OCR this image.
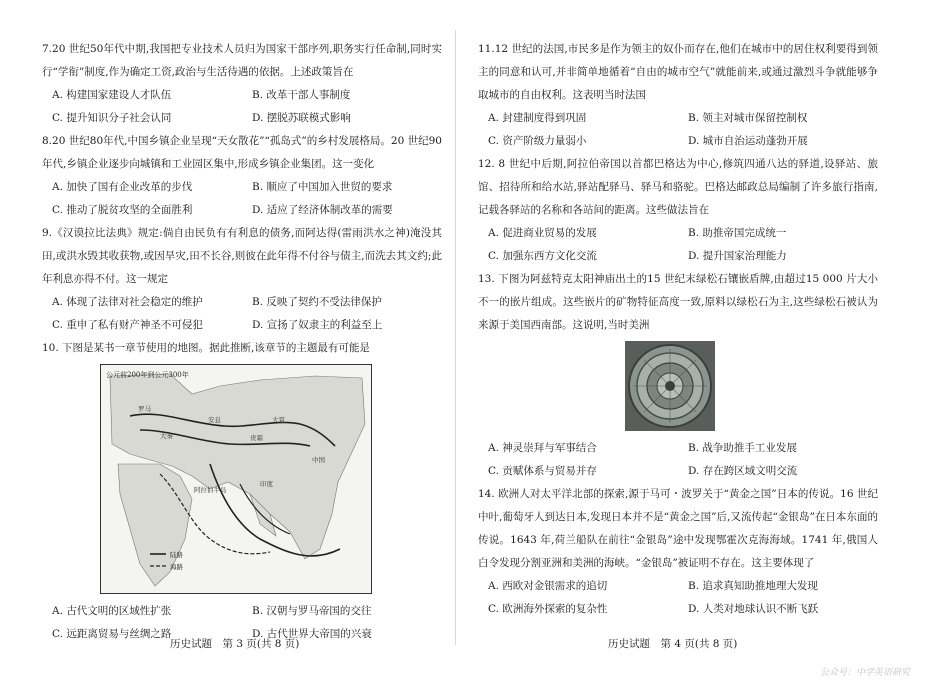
7.20 世纪50年代中期,我国把专业技术人员归为国家干部序列,职务实行任命制,同时实行“学衔”制度,作为确定工资,政治与生活待遇的依据。上述政策旨在

A. 构建国家建设人才队伍	B. 改革干部人事制度
C. 提升知识分子社会认同	D. 摆脱苏联模式影响

8.20 世纪80年代,中国乡镇企业呈现“天女散花”“孤岛式”的乡村发展格局。20 世纪90 年代,乡镇企业逐步向城镇和工业园区集中,形成乡镇企业集团。这一变化

A. 加快了国有企业改革的步伐	B. 顺应了中国加入世贸的要求
C. 推动了脱贫攻坚的全面胜利	D. 适应了经济体制改革的需要

9.《汉谟拉比法典》规定:倘自由民负有有利息的债务,而阿达得(雷雨洪水之神)淹没其田,或洪水毁其收获物,或因旱灾,田不长谷,则彼在此年得不付谷与债主,而洗去其文约;此年利息亦得不付。这一规定

A. 体现了法律对社会稳定的维护	B. 反映了契约不受法律保护
C. 重申了私有财产神圣不可侵犯	D. 宣扬了奴隶主的利益至上

10. 下图是某书一章节使用的地图。据此推断,该章节的主题最有可能是

公元前200年到公元300年
罗马
安息
贵霜
中国
印度
大秦
阿拉伯半岛
大夏
陆路
海路
A. 古代文明的区域性扩张	B. 汉朝与罗马帝国的交往
C. 远距离贸易与丝绸之路	D. 古代世界大帝国的兴衰

11.12 世纪的法国,市民多是作为领主的奴仆而存在,他们在城市中的居住权利要得到领主的同意和认可,并非简单地循着“自由的城市空气”就能前来,或通过激烈斗争就能够争取城市的自由权利。这表明当时法国

A. 封建制度得到巩固	B. 领主对城市保留控制权
C. 资产阶级力量弱小	D. 城市自治运动蓬勃开展

12. 8 世纪中后期,阿拉伯帝国以首都巴格达为中心,修筑四通八达的驿道,设驿站、旅馆、招待所和给水站,驿站配驿马、驿马和骆驼。巴格达邮政总局编制了许多旅行指南,记载各驿站的名称和各站间的距离。这些做法旨在

A. 促进商业贸易的发展	B. 助推帝国完成统一
C. 加强东西方文化交流	D. 提升国家治理能力

13. 下图为阿兹特克太阳神庙出土的15 世纪末绿松石镶嵌盾牌,由超过15 000 片大小不一的嵌片组成。这些嵌片的矿物特征高度一致,原料以绿松石为主,这些绿松石被认为来源于美国西南部。这说明,当时美洲

A. 神灵崇拜与军事结合	B. 战争助推手工业发展
C. 贡赋体系与贸易并存	D. 存在跨区域文明交流

14. 欧洲人对太平洋北部的探索,源于马可・波罗关于“黄金之国”日本的传说。16 世纪中叶,葡萄牙人到达日本,发现日本并不是“黄金之国”后,又流传起“金银岛”在日本东面的传说。1643 年,荷兰船队在前往“金银岛”途中发现鄂霍次克海海域。1741 年,俄国人白令发现分割亚洲和美洲的海峡。“金银岛”被证明不存在。这主要体现了

A. 西欧对金银需求的追切	B. 追求真知助推地理大发现
C. 欧洲海外探索的复杂性	D. 人类对地球认识不断飞跃
历史试题　第 3 页(共 8 页)	历史试题　第 4 页(共 8 页)
公众号：中学英语研究
